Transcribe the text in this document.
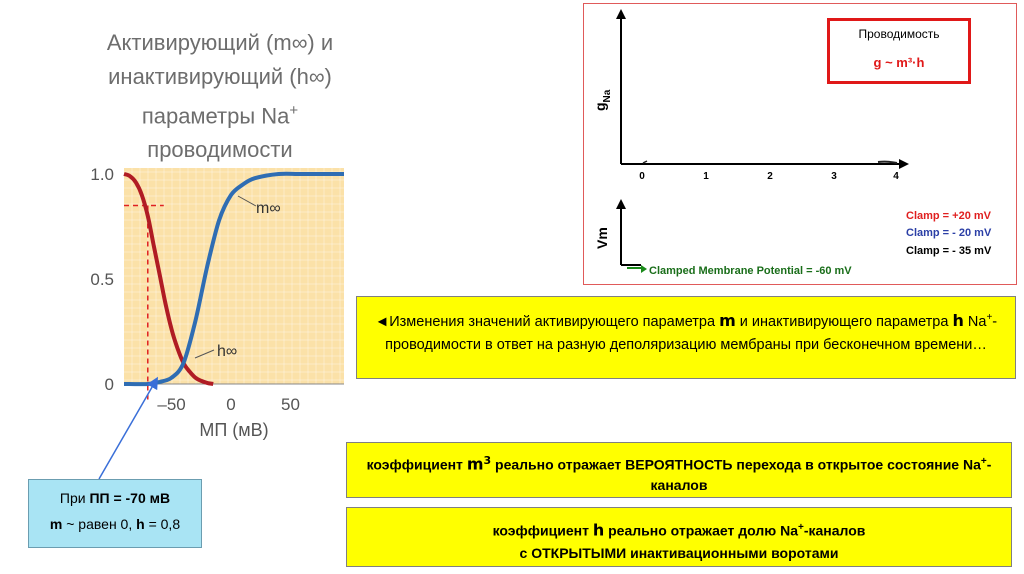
Активирующий (m∞) и
инактивирующий (h∞)
параметры Na+
проводимости
1.0
0.5
0
–50 0	50
m∞
h∞
МП (мВ)
0	1	2	3	4
$g_{Na}$
Vm
Clamped Membrane Potential = -60 mV
Проводимость
g ~ m³·h
Clamp = +20 mV
Clamp = - 20 mV
Clamp = - 35 mV
◄Изменения значений активирующего параметра m и инактивирующего параметра h Na+-проводимости в ответ на разную деполяризацию мембраны при бесконечном времени…
коэффициент $m^3$ реально отражает ВЕРОЯТНОСТЬ перехода в открытое состояние Na+-каналов
коэффициент h реально отражает долю Na+-каналов
с ОТКРЫТЫМИ инактивационными воротами
При ПП = -70 мВ
m ~ равен 0, h = 0,8
